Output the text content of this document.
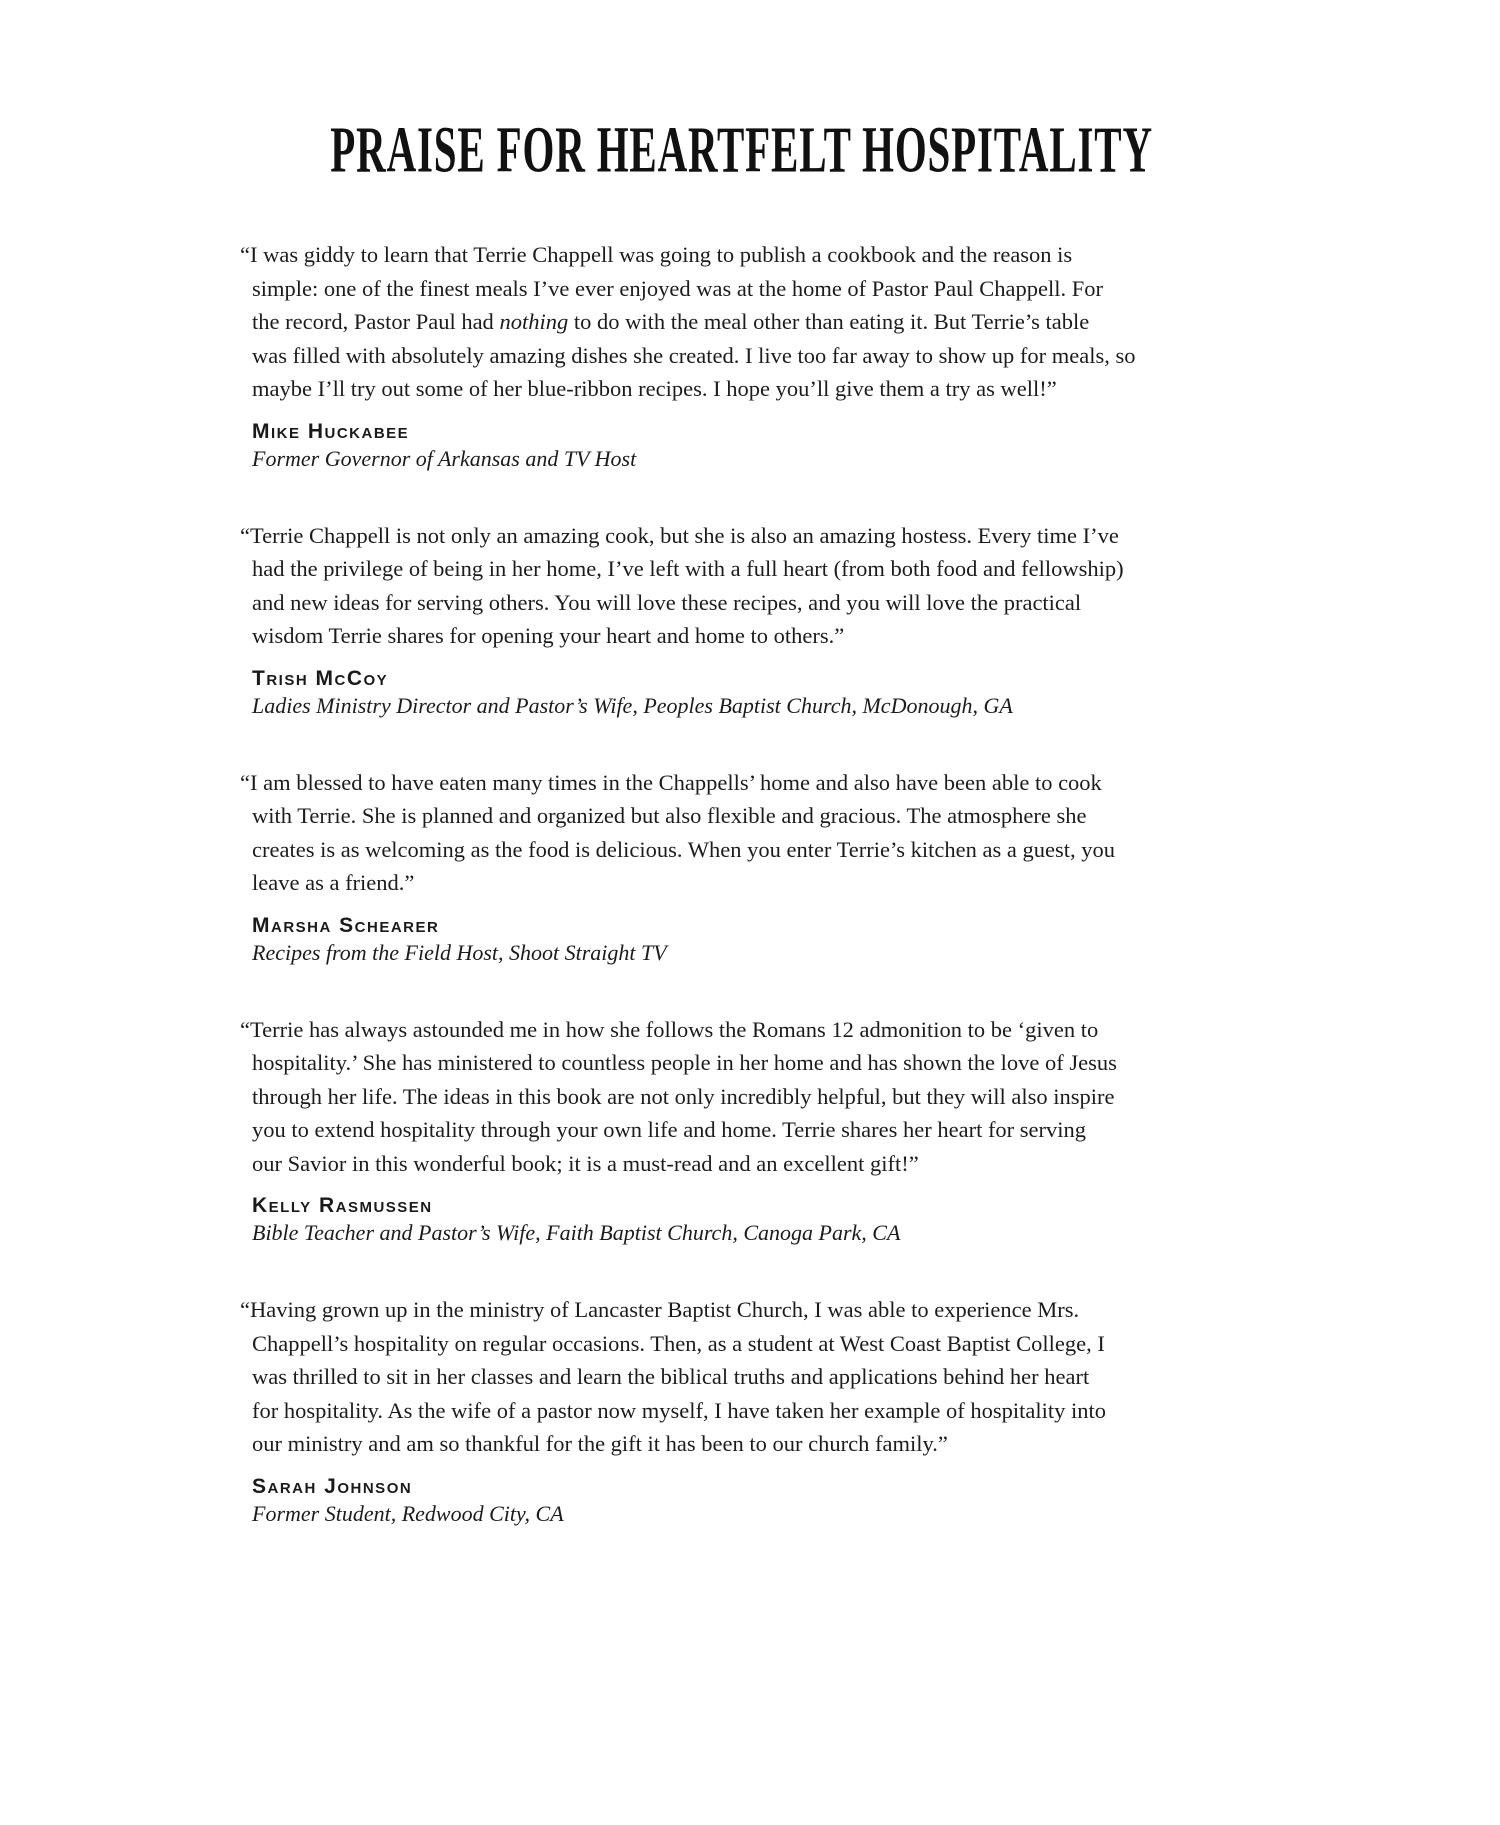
PRAISE FOR HEARTFELT HOSPITALITY
“I was giddy to learn that Terrie Chappell was going to publish a cookbook and the reason is
simple: one of the finest meals I’ve ever enjoyed was at the home of Pastor Paul Chappell. For
the record, Pastor Paul had nothing to do with the meal other than eating it. But Terrie’s table
was filled with absolutely amazing dishes she created. I live too far away to show up for meals, so
maybe I’ll try out some of her blue-ribbon recipes. I hope you’ll give them a try as well!”
Mike Huckabee
Former Governor of Arkansas and TV Host
“Terrie Chappell is not only an amazing cook, but she is also an amazing hostess. Every time I’ve
had the privilege of being in her home, I’ve left with a full heart (from both food and fellowship)
and new ideas for serving others. You will love these recipes, and you will love the practical
wisdom Terrie shares for opening your heart and home to others.”
Trish McCoy
Ladies Ministry Director and Pastor’s Wife, Peoples Baptist Church, McDonough, GA
“I am blessed to have eaten many times in the Chappells’ home and also have been able to cook
with Terrie. She is planned and organized but also flexible and gracious. The atmosphere she
creates is as welcoming as the food is delicious. When you enter Terrie’s kitchen as a guest, you
leave as a friend.”
Marsha Schearer
Recipes from the Field Host, Shoot Straight TV
“Terrie has always astounded me in how she follows the Romans 12 admonition to be ‘given to
hospitality.’ She has ministered to countless people in her home and has shown the love of Jesus
through her life. The ideas in this book are not only incredibly helpful, but they will also inspire
you to extend hospitality through your own life and home. Terrie shares her heart for serving
our Savior in this wonderful book; it is a must-read and an excellent gift!”
Kelly Rasmussen
Bible Teacher and Pastor’s Wife, Faith Baptist Church, Canoga Park, CA
“Having grown up in the ministry of Lancaster Baptist Church, I was able to experience Mrs.
Chappell’s hospitality on regular occasions. Then, as a student at West Coast Baptist College, I
was thrilled to sit in her classes and learn the biblical truths and applications behind her heart
for hospitality. As the wife of a pastor now myself, I have taken her example of hospitality into
our ministry and am so thankful for the gift it has been to our church family.”
Sarah Johnson
Former Student, Redwood City, CA
